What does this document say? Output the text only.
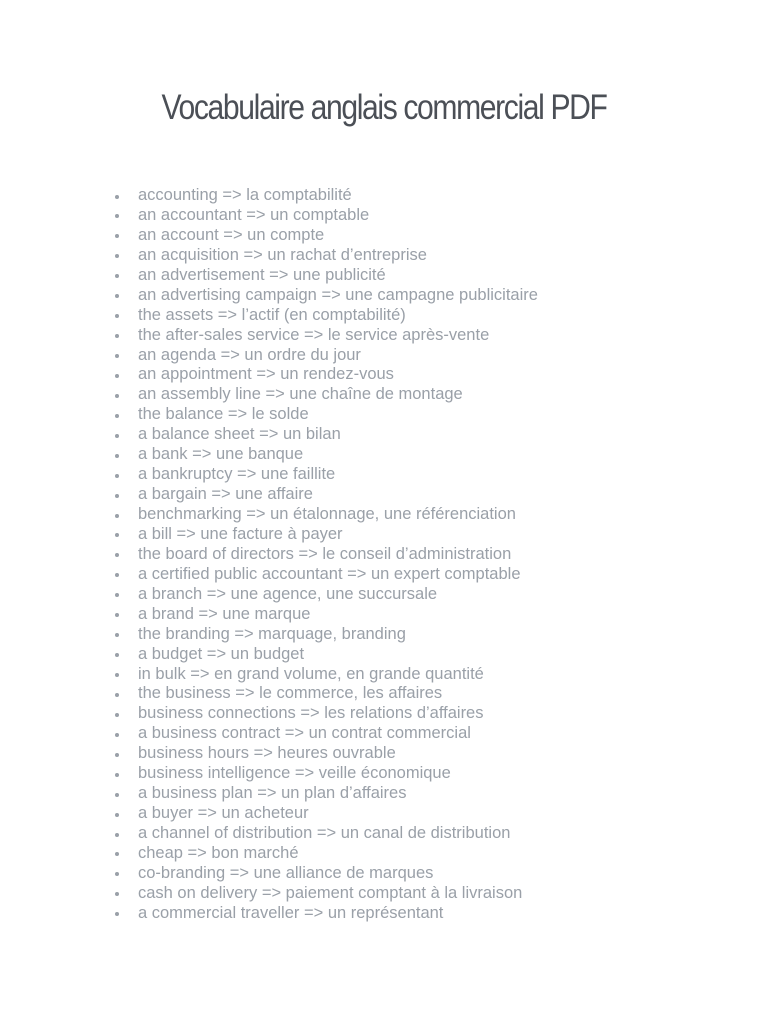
Vocabulaire anglais commercial PDF
accounting => la comptabilité
an accountant => un comptable
an account => un compte
an acquisition => un rachat d’entreprise
an advertisement => une publicité
an advertising campaign => une campagne publicitaire
the assets => l’actif (en comptabilité)
the after-sales service => le service après-vente
an agenda => un ordre du jour
an appointment => un rendez-vous
an assembly line => une chaîne de montage
the balance => le solde
a balance sheet => un bilan
a bank => une banque
a bankruptcy => une faillite
a bargain => une affaire
benchmarking => un étalonnage, une référenciation
a bill => une facture à payer
the board of directors => le conseil d’administration
a certified public accountant => un expert comptable
a branch => une agence, une succursale
a brand => une marque
the branding => marquage, branding
a budget => un budget
in bulk => en grand volume, en grande quantité
the business => le commerce, les affaires
business connections => les relations d’affaires
a business contract => un contrat commercial
business hours => heures ouvrable
business intelligence => veille économique
a business plan => un plan d’affaires
a buyer => un acheteur
a channel of distribution => un canal de distribution
cheap => bon marché
co-branding => une alliance de marques
cash on delivery => paiement comptant à la livraison
a commercial traveller => un représentant
